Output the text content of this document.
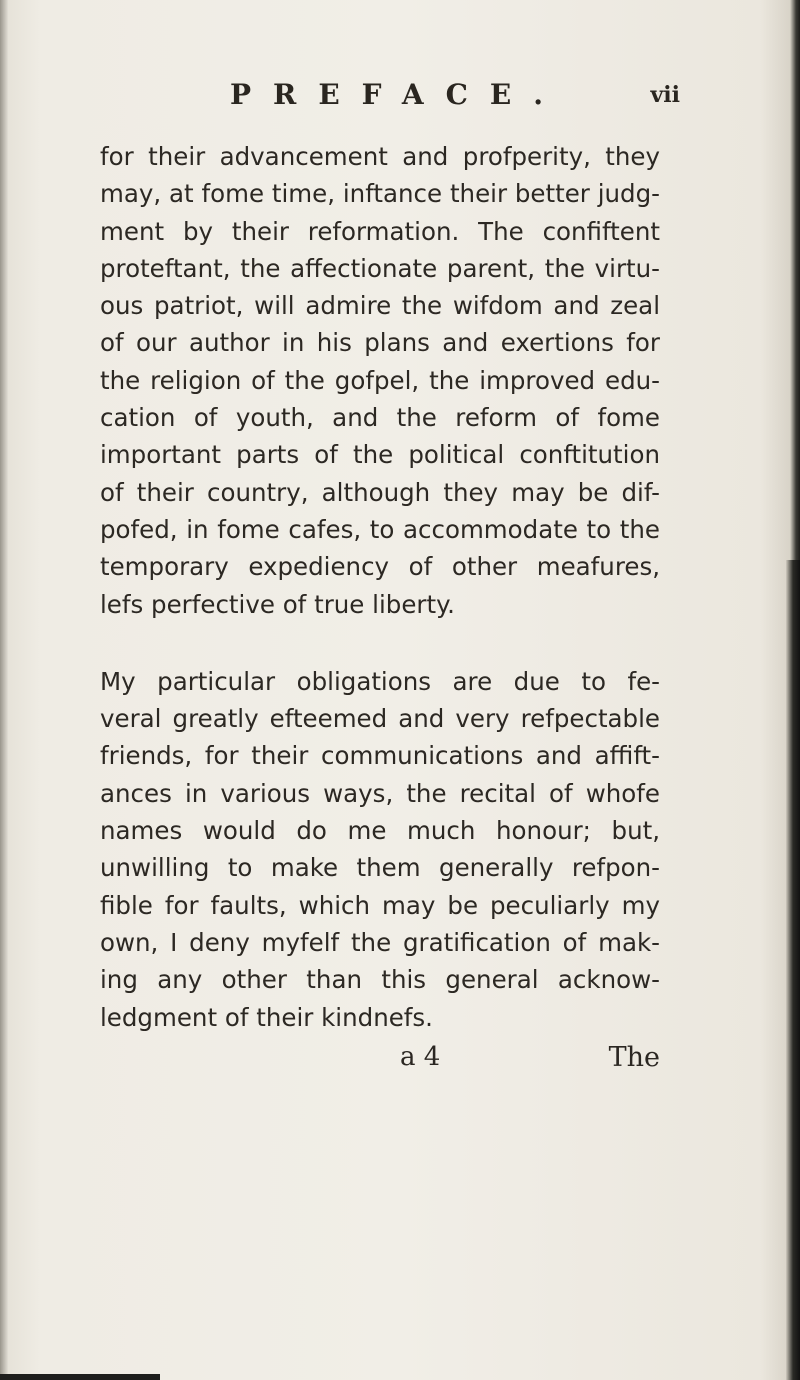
PREFACE.	vii
for their advancement and profperity, they
may, at fome time, inftance their better judg-
ment by their reformation. The confiftent
proteftant, the affectionate parent, the virtu-
ous patriot, will admire the wifdom and zeal
of our author in his plans and exertions for
the religion of the gofpel, the improved edu-
cation of youth, and the reform of fome
important parts of the political conftitution
of their country, although they may be dif-
pofed, in fome cafes, to accommodate to the
temporary expediency of other meafures,
lefs perfective of true liberty.
My particular obligations are due to fe-
veral greatly efteemed and very refpectable
friends, for their communications and affift-
ances in various ways, the recital of whofe
names would do me much honour; but,
unwilling to make them generally refpon-
fible for faults, which may be peculiarly my
own, I deny myfelf the gratification of mak-
ing any other than this general acknow-
ledgment of their kindnefs.
a 4	The
